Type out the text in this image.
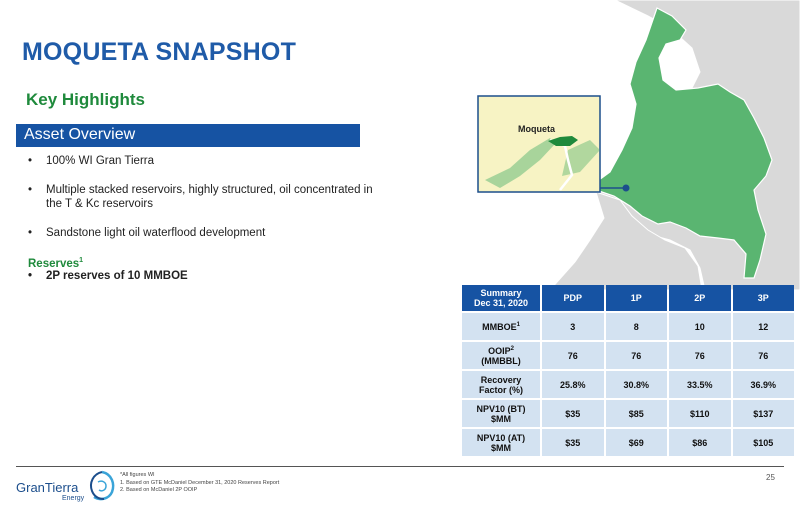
MOQUETA SNAPSHOT
Key Highlights
Asset Overview
• 100% WI Gran Tierra
• Multiple stacked reservoirs, highly structured, oil concentrated in the T & Kc reservoirs
• Sandstone light oil waterflood development
Reserves$^1$
• 2P reserves of 10 MMBOE
Moqueta
Summary
Dec 31, 2020	PDP	1P	2P	3P
MMBOE$^1$	3	8	10	12
OOIP$^2$
(MMBBL)	76	76	76	76
Recovery
Factor (%)	25.8%	30.8%	33.5%	36.9%
NPV10 (BT)
$MM	$35	$85	$110	$137
NPV10 (AT)
$MM	$35	$69	$86	$105
25
GranTierra
Energy
*All figures WI
1. Based on GTE McDaniel December 31, 2020 Reserves Report
2. Based on McDaniel 2P OOIP
